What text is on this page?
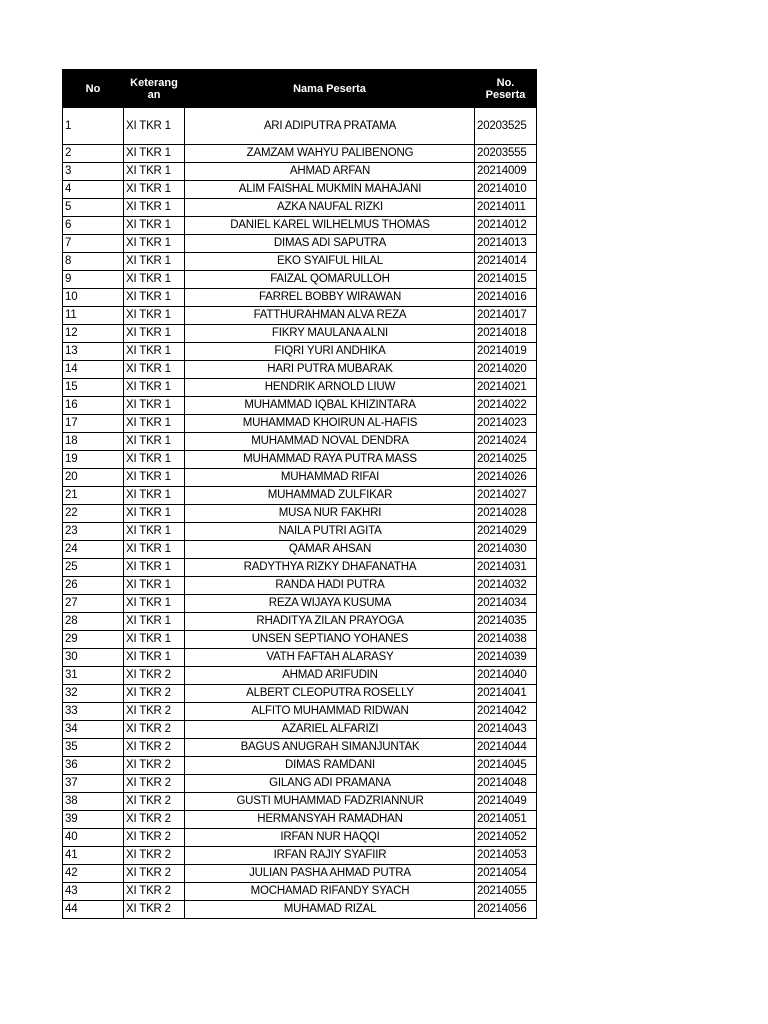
No	Keterang an	Nama Peserta	No. Peserta
1	XI TKR 1	ARI ADIPUTRA PRATAMA	20203525
2	XI TKR 1	ZAMZAM WAHYU PALIBENONG	20203555
3	XI TKR 1	AHMAD ARFAN	20214009
4	XI TKR 1	ALIM FAISHAL MUKMIN MAHAJANI	20214010
5	XI TKR 1	AZKA NAUFAL RIZKI	20214011
6	XI TKR 1	DANIEL KAREL WILHELMUS THOMAS	20214012
7	XI TKR 1	DIMAS ADI SAPUTRA	20214013
8	XI TKR 1	EKO SYAIFUL HILAL	20214014
9	XI TKR 1	FAIZAL QOMARULLOH	20214015
10	XI TKR 1	FARREL BOBBY WIRAWAN	20214016
11	XI TKR 1	FATTHURAHMAN ALVA REZA	20214017
12	XI TKR 1	FIKRY MAULANA ALNI	20214018
13	XI TKR 1	FIQRI YURI ANDHIKA	20214019
14	XI TKR 1	HARI PUTRA MUBARAK	20214020
15	XI TKR 1	HENDRIK ARNOLD LIUW	20214021
16	XI TKR 1	MUHAMMAD IQBAL KHIZINTARA	20214022
17	XI TKR 1	MUHAMMAD KHOIRUN AL-HAFIS	20214023
18	XI TKR 1	MUHAMMAD NOVAL DENDRA	20214024
19	XI TKR 1	MUHAMMAD RAYA PUTRA MASS	20214025
20	XI TKR 1	MUHAMMAD RIFAI	20214026
21	XI TKR 1	MUHAMMAD ZULFIKAR	20214027
22	XI TKR 1	MUSA NUR FAKHRI	20214028
23	XI TKR 1	NAILA PUTRI AGITA	20214029
24	XI TKR 1	QAMAR AHSAN	20214030
25	XI TKR 1	RADYTHYA RIZKY DHAFANATHA	20214031
26	XI TKR 1	RANDA HADI PUTRA	20214032
27	XI TKR 1	REZA WIJAYA KUSUMA	20214034
28	XI TKR 1	RHADITYA ZILAN PRAYOGA	20214035
29	XI TKR 1	UNSEN SEPTIANO YOHANES	20214038
30	XI TKR 1	VATH FAFTAH ALARASY	20214039
31	XI TKR 2	AHMAD ARIFUDIN	20214040
32	XI TKR 2	ALBERT CLEOPUTRA ROSELLY	20214041
33	XI TKR 2	ALFITO MUHAMMAD RIDWAN	20214042
34	XI TKR 2	AZARIEL ALFARIZI	20214043
35	XI TKR 2	BAGUS ANUGRAH SIMANJUNTAK	20214044
36	XI TKR 2	DIMAS RAMDANI	20214045
37	XI TKR 2	GILANG ADI PRAMANA	20214048
38	XI TKR 2	GUSTI MUHAMMAD FADZRIANNUR	20214049
39	XI TKR 2	HERMANSYAH RAMADHAN	20214051
40	XI TKR 2	IRFAN NUR HAQQI	20214052
41	XI TKR 2	IRFAN RAJIY SYAFIIR	20214053
42	XI TKR 2	JULIAN PASHA AHMAD PUTRA	20214054
43	XI TKR 2	MOCHAMAD RIFANDY SYACH	20214055
44	XI TKR 2	MUHAMAD RIZAL	20214056
